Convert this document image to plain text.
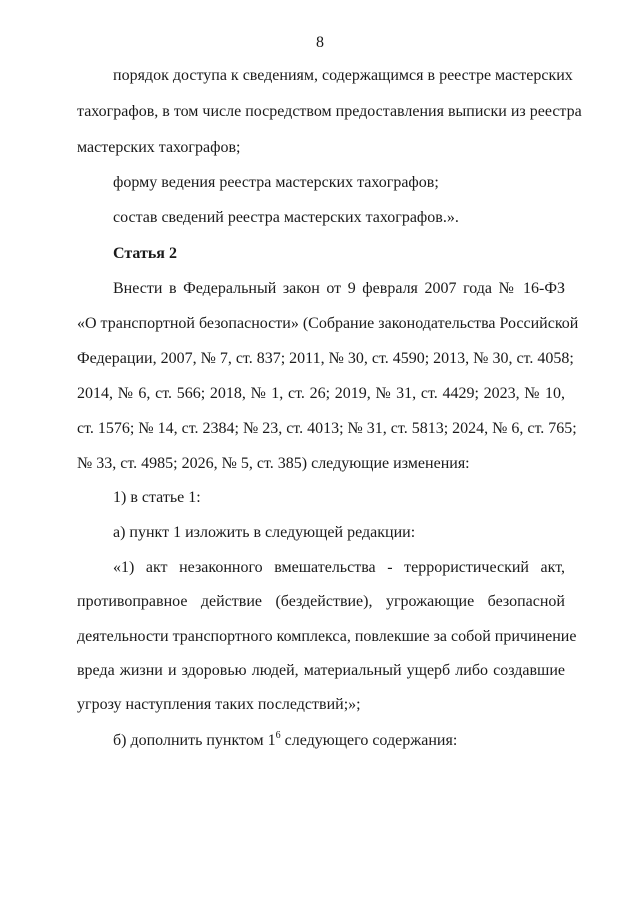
8
порядок доступа к сведениям, содержащимся в реестре мастерских
тахографов, в том числе посредством предоставления выписки из реестра
мастерских тахографов;
форму ведения реестра мастерских тахографов;
состав сведений реестра мастерских тахографов.».
Статья 2
Внести в Федеральный закон от 9 февраля 2007 года № 16-ФЗ
«О транспортной безопасности» (Собрание законодательства Российской
Федерации, 2007, № 7, ст. 837; 2011, № 30, ст. 4590; 2013, № 30, ст. 4058;
2014, № 6, ст. 566; 2018, № 1, ст. 26; 2019, № 31, ст. 4429; 2023, № 10,
ст. 1576; № 14, ст. 2384; № 23, ст. 4013; № 31, ст. 5813; 2024, № 6, ст. 765;
№ 33, ст. 4985; 2026, № 5, ст. 385) следующие изменения:
1) в статье 1:
а) пункт 1 изложить в следующей редакции:
«1) акт незаконного вмешательства - террористический акт,
противоправное действие (бездействие), угрожающие безопасной
деятельности транспортного комплекса, повлекшие за собой причинение
вреда жизни и здоровью людей, материальный ущерб либо создавшие
угрозу наступления таких последствий;»;
б) дополнить пунктом $1^6$ следующего содержания:
